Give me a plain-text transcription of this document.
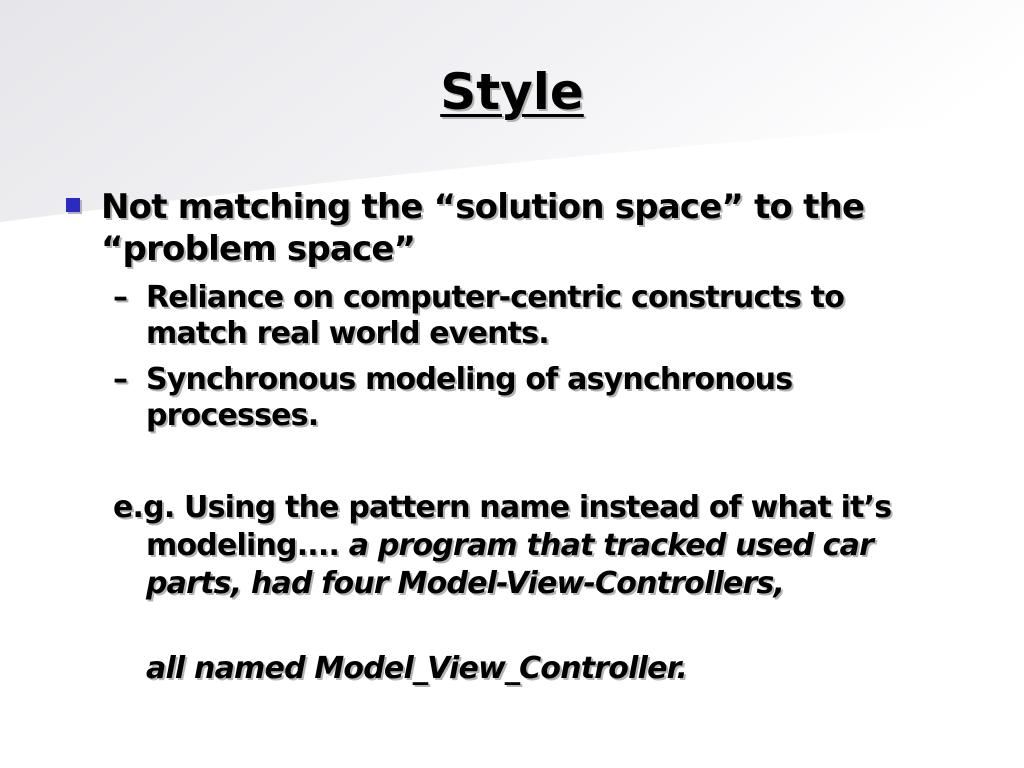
Style
Not matching the “solution space” to the
“problem space”
– Reliance on computer-centric constructs to
match real world events.
– Synchronous modeling of asynchronous
processes.
e.g. Using the pattern name instead of what it’s
modeling.... a program that tracked used car
parts, had four Model-View-Controllers,
all named Model_View_Controller.
